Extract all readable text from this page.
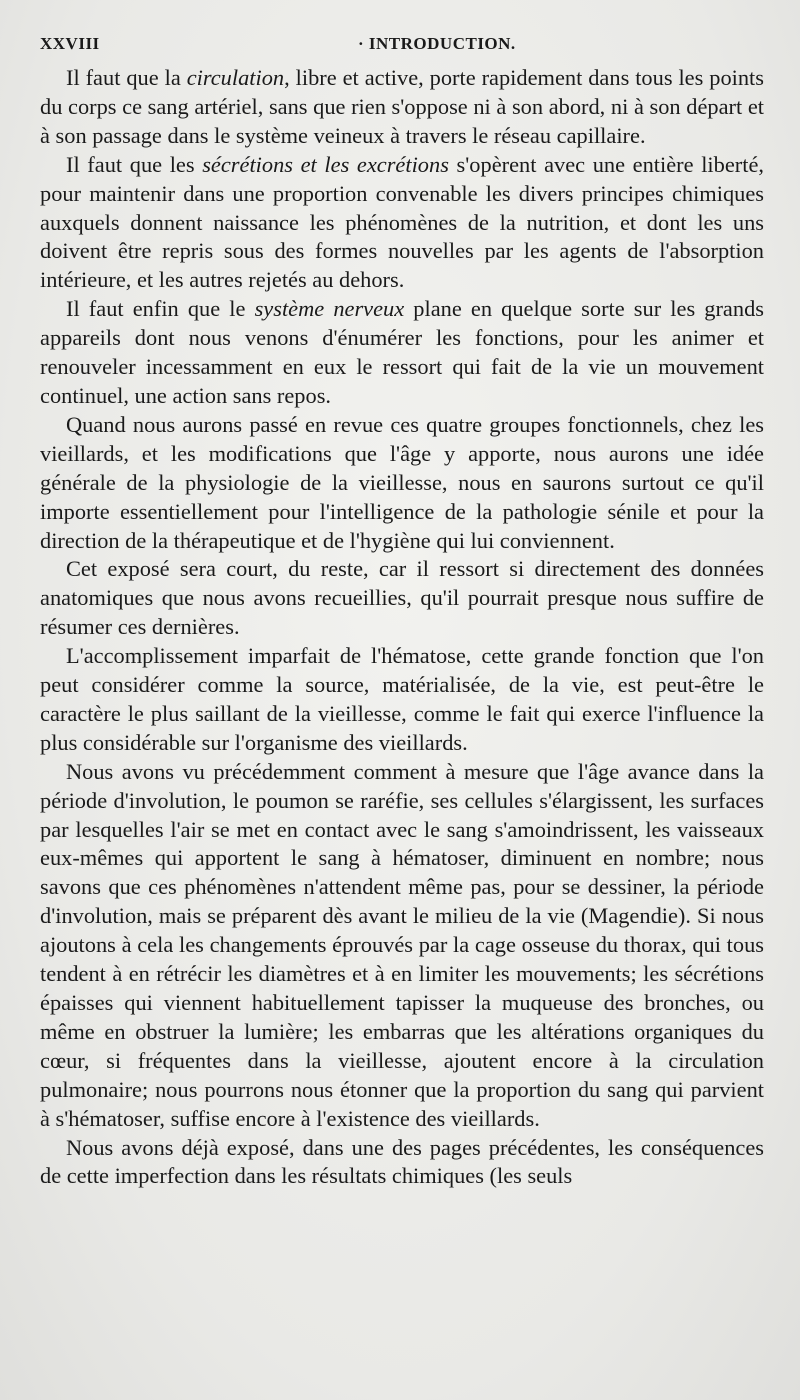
XXVIII	· INTRODUCTION.

Il faut que la circulation, libre et active, porte rapidement dans tous les points du corps ce sang artériel, sans que rien s'oppose ni à son abord, ni à son départ et à son passage dans le système veineux à travers le réseau capillaire.

Il faut que les sécrétions et les excrétions s'opèrent avec une entière liberté, pour maintenir dans une proportion convenable les divers principes chimiques auxquels donnent naissance les phénomènes de la nutrition, et dont les uns doivent être repris sous des formes nouvelles par les agents de l'absorption intérieure, et les autres rejetés au dehors.

Il faut enfin que le système nerveux plane en quelque sorte sur les grands appareils dont nous venons d'énumérer les fonctions, pour les animer et renouveler incessamment en eux le ressort qui fait de la vie un mouvement continuel, une action sans repos.

Quand nous aurons passé en revue ces quatre groupes fonctionnels, chez les vieillards, et les modifications que l'âge y apporte, nous aurons une idée générale de la physiologie de la vieillesse, nous en saurons surtout ce qu'il importe essentiellement pour l'intelligence de la pathologie sénile et pour la direction de la thérapeutique et de l'hygiène qui lui conviennent.

Cet exposé sera court, du reste, car il ressort si directement des données anatomiques que nous avons recueillies, qu'il pourrait presque nous suffire de résumer ces dernières.

L'accomplissement imparfait de l'hématose, cette grande fonction que l'on peut considérer comme la source, matérialisée, de la vie, est peut-être le caractère le plus saillant de la vieillesse, comme le fait qui exerce l'influence la plus considérable sur l'organisme des vieillards.

Nous avons vu précédemment comment à mesure que l'âge avance dans la période d'involution, le poumon se raréfie, ses cellules s'élargissent, les surfaces par lesquelles l'air se met en contact avec le sang s'amoindrissent, les vaisseaux eux-mêmes qui apportent le sang à hématoser, diminuent en nombre; nous savons que ces phénomènes n'attendent même pas, pour se dessiner, la période d'involution, mais se préparent dès avant le milieu de la vie (Magendie). Si nous ajoutons à cela les changements éprouvés par la cage osseuse du thorax, qui tous tendent à en rétrécir les diamètres et à en limiter les mouvements; les sécrétions épaisses qui viennent habituellement tapisser la muqueuse des bronches, ou même en obstruer la lumière; les embarras que les altérations organiques du cœur, si fréquentes dans la vieillesse, ajoutent encore à la circulation pulmonaire; nous pourrons nous étonner que la proportion du sang qui parvient à s'hématoser, suffise encore à l'existence des vieillards.

Nous avons déjà exposé, dans une des pages précédentes, les conséquences de cette imperfection dans les résultats chimiques (les seuls
